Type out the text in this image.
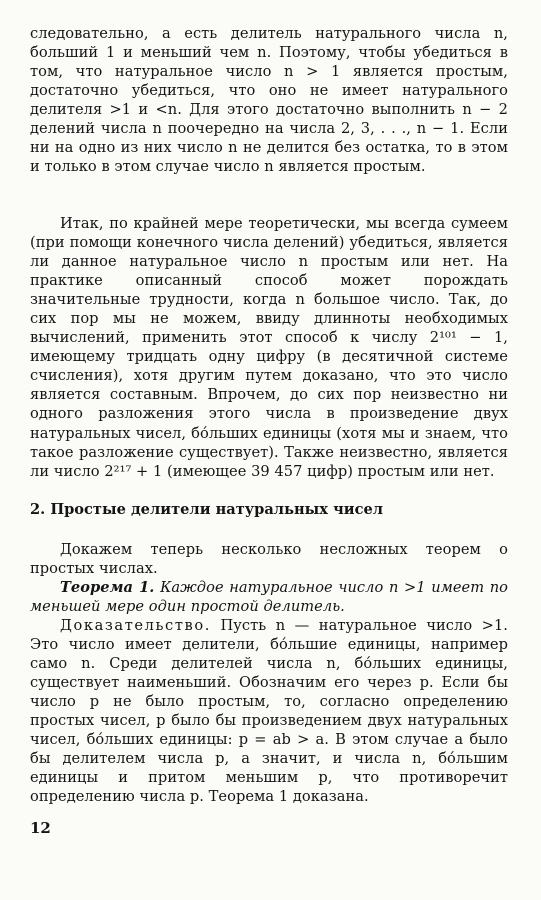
следовательно, a есть делитель натурального числа n, больший 1 и меньший чем n. Поэтому, чтобы убедиться в том, что натуральное число n > 1 является простым, достаточно убедиться, что оно не имеет натурального делителя >1 и <n. Для этого достаточно выполнить n − 2 делений числа n поочередно на числа 2, 3, . . ., n − 1. Если ни на одно из них число n не делится без остатка, то в этом и только в этом случае число n является простым.

Итак, по крайней мере теоретически, мы всегда сумеем (при помощи конечного числа делений) убедиться, является ли данное натуральное число n простым или нет. На практике описанный способ может порождать значительные трудности, когда n большое число. Так, до сих пор мы не можем, ввиду длинноты необходимых вычислений, применить этот способ к числу 2¹⁰¹ − 1, имеющему тридцать одну цифру (в десятичной системе счисления), хотя другим путем доказано, что это число является составным. Впрочем, до сих пор неизвестно ни одного разложения этого числа в произведение двух натуральных чисел, бо́льших единицы (хотя мы и знаем, что такое разложение существует). Также неизвестно, является ли число 2²¹⁷ + 1 (имеющее 39 457 цифр) простым или нет.

2. Простые делители натуральных чисел

Докажем теперь несколько несложных теорем о простых числах.

Теорема 1. Каждое натуральное число n >1 имеет по меньшей мере один простой делитель.

Доказательство. Пусть n — натуральное число >1. Это число имеет делители, бо́льшие единицы, например само n. Среди делителей числа n, бо́льших единицы, существует наименьший. Обозначим его через p. Если бы число p не было простым, то, согласно определению простых чисел, p было бы произведением двух натуральных чисел, бо́льших единицы: p = ab > a. В этом случае a было бы делителем числа p, а значит, и числа n, бо́льшим единицы и притом меньшим p, что противоречит определению числа p. Теорема 1 доказана.

12
